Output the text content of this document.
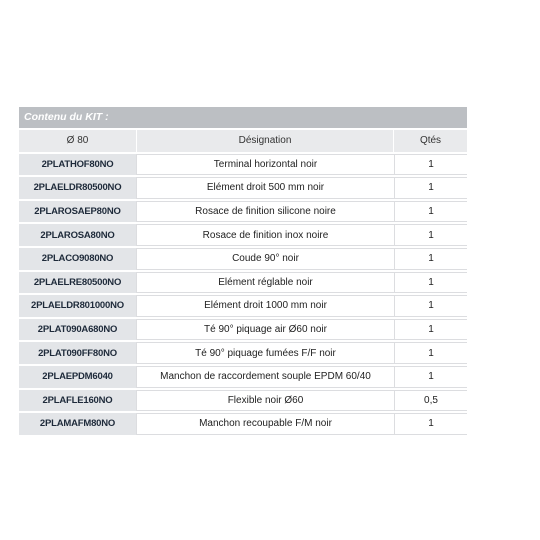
Contenu du KIT :
Ø 80	Désignation	Qtés
2PLATHOF80NO	Terminal horizontal noir	1
2PLAELDR80500NO	Elément droit 500 mm noir	1
2PLAROSAEP80NO	Rosace de finition silicone noire	1
2PLAROSA80NO	Rosace de finition inox noire	1
2PLACO9080NO	Coude 90° noir	1
2PLAELRE80500NO	Elément réglable noir	1
2PLAELDR801000NO	Elément droit 1000 mm noir	1
2PLAT090A680NO	Té 90° piquage air Ø60 noir	1
2PLAT090FF80NO	Té 90° piquage fumées F/F noir	1
2PLAEPDM6040	Manchon de raccordement souple EPDM 60/40	1
2PLAFLE160NO	Flexible noir Ø60	0,5
2PLAMAFM80NO	Manchon recoupable F/M noir	1
